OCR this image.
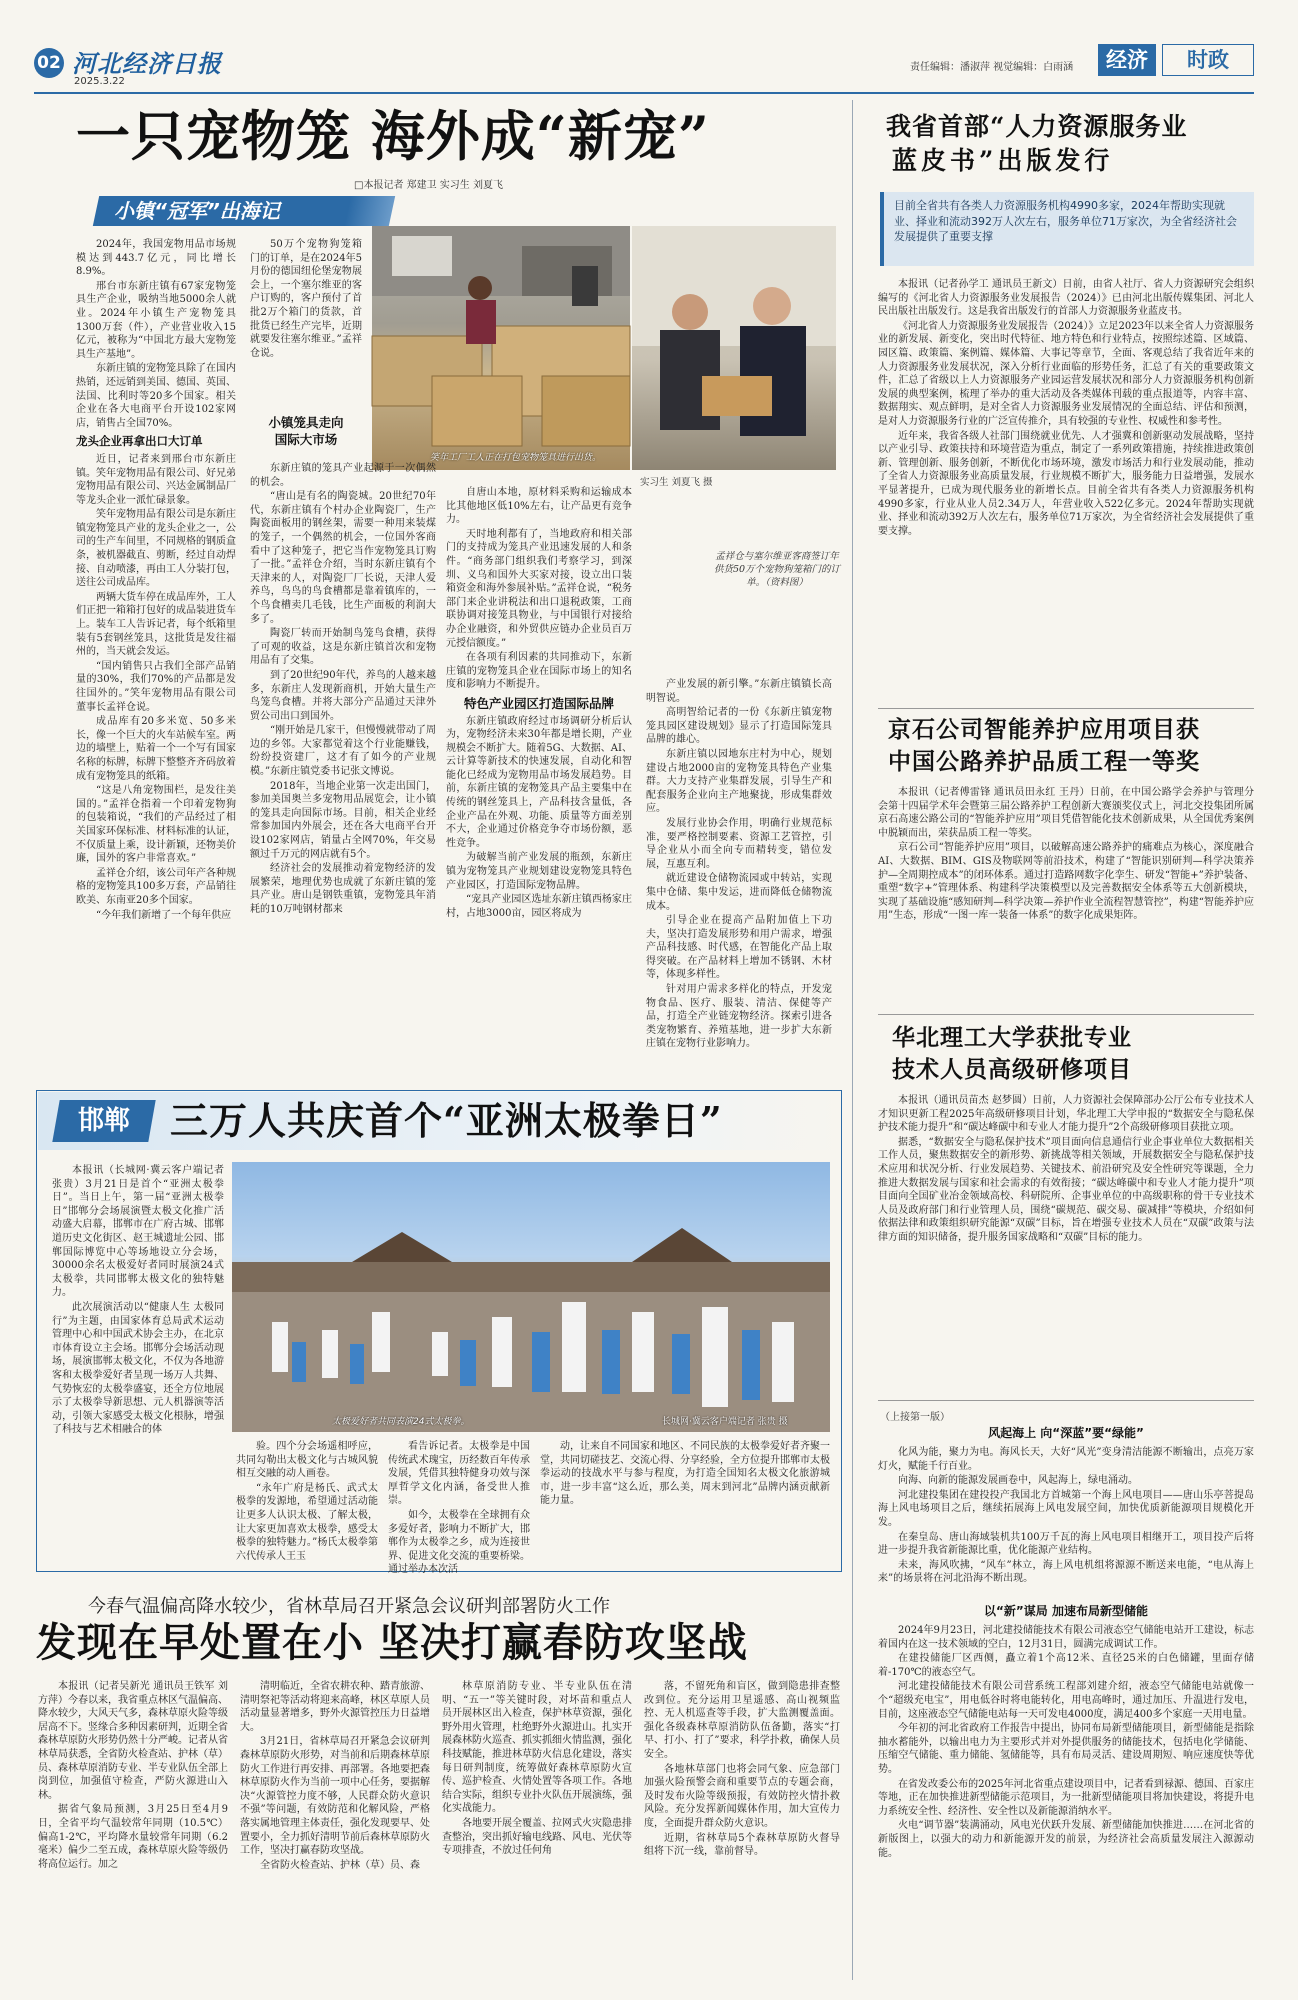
02 河北经济日报
2025.3.22
责任编辑：潘淑萍 视觉编辑：白雨涵	经济	时政
一只宠物笼 海外成“新宠”
□本报记者 郑建卫 实习生 刘夏飞
小镇“冠军”出海记

2024年，我国宠物用品市场规模达到443.7亿元，同比增长8.9%。

邢台市东新庄镇有67家宠物笼具生产企业，吸纳当地5000余人就业。2024年小镇生产宠物笼具1300万套（件），产业营业收入15亿元，被称为“中国北方最大宠物笼具生产基地”。

东新庄镇的宠物笼具除了在国内热销，还远销到美国、德国、英国、法国、比利时等20多个国家。相关企业在各大电商平台开设102家网店，销售占全国70%。

龙头企业再拿出口大订单

近日，记者来到邢台市东新庄镇。笑年宠物用品有限公司、好兄弟宠物用品有限公司、兴达金属制品厂等龙头企业一派忙碌景象。

笑年宠物用品有限公司是东新庄镇宠物笼具产业的龙头企业之一，公司的生产车间里，不同规格的钢质盒条，被机器截直、剪断，经过自动焊接、自动喷漆，再由工人分装打包，送往公司成品库。

两辆大货车停在成品库外，工人们正把一箱箱打包好的成品装进货车上。装车工人告诉记者，每个纸箱里装有5套钢丝笼具，这批货是发往福州的，当天就会发运。

“国内销售只占我们全部产品销量的30%，我们70%的产品都是发往国外的。”笑年宠物用品有限公司董事长孟祥仓说。

成品库有20多米宽、50多米长，像一个巨大的火车站候车室。两边的墙壁上，贴着一个一个写有国家名称的标牌，标牌下整整齐齐码放着成有宠物笼具的纸箱。

“这是八角宠物围栏，是发往美国的。”孟祥仓指着一个印着宠物狗的包装箱说，“我们的产品经过了相关国家环保标准、材料标准的认证，不仅质量上乘，设计新颖，还物美价廉，国外的客户非常喜欢。”

孟祥仓介绍，该公司年产各种规格的宠物笼具100多万套，产品销往欧美、东南亚20多个国家。

“今年我们新增了一个每年供应

50万个宠物狗笼箱门的订单，是在2024年5月份的德国纽伦堡宠物展会上，一个塞尔维亚的客户订购的，客户预付了首批2万个箱门的货款，首批货已经生产完毕，近期就要发往塞尔维亚。”孟祥仓说。

小镇笼具走向国际大市场
笑年工厂工人正在打包宠物笼具进行出货。
实习生 刘夏飞 摄
孟祥仓与塞尔维亚客商签订年供货50万个宠物狗笼箱门的订单。（资料图）

东新庄镇的笼具产业起源于一次偶然的机会。

“唐山是有名的陶瓷城。20世纪70年代，东新庄镇有个村办企业陶瓷厂，生产陶瓷面板用的钢丝架，需要一种用来装煤的笼子，一个偶然的机会，一位国外客商看中了这种笼子，把它当作宠物笼具订购了一批。”孟祥仓介绍，当时东新庄镇有个天津来的人，对陶瓷厂厂长说，天津人爱养鸟，鸟鸟的鸟食槽都是靠着镇库的，一个鸟食槽卖几毛钱，比生产面板的利润大多了。

陶瓷厂转而开始制鸟笼鸟食槽，获得了可观的收益，这是东新庄镇首次和宠物用品有了交集。

到了20世纪90年代，养鸟的人越来越多，东新庄人发现新商机，开始大量生产鸟笼鸟食槽。并将大部分产品通过天津外贸公司出口到国外。

“刚开始是几家干，但慢慢就带动了周边的乡邻。大家都觉着这个行业能赚钱，纷纷投资建厂，这才有了如今的产业规模。”东新庄镇党委书记张文博说。

2018年，当地企业第一次走出国门，参加美国奥兰多宠物用品展览会，让小镇的笼具走向国际市场。目前，相关企业经常参加国内外展会，还在各大电商平台开设102家网店，销量占全网70%，年交易额过千万元的网店就有5个。

经济社会的发展推动着宠物经济的发展繁荣，地理优势也成就了东新庄镇的笼具产业。唐山是钢铁重镇，宠物笼具年消耗的10万吨钢材都来

自唐山本地，原材料采购和运输成本比其他地区低10%左右，让产品更有竞争力。

天时地利都有了，当地政府和相关部门的支持成为笼具产业迅速发展的人和条件。“商务部门组织我们考察学习，到深圳、义乌和国外大买家对接，设立出口装箱资金和海外参展补贴。”孟祥仓说，“税务部门来企业讲税法和出口退税政策，工商联协调对接笼具物业，与中国银行对接给办企业融资，和外贸供应链办企业员百万元授信额度。”

在各项有利因素的共同推动下，东新庄镇的宠物笼具企业在国际市场上的知名度和影响力不断提升。

特色产业园区打造国际品牌

东新庄镇政府经过市场调研分析后认为，宠物经济未来30年都是增长期，产业规模会不断扩大。随着5G、大数据、AI、云计算等新技术的快速发展，自动化和智能化已经成为宠物用品市场发展趋势。目前，东新庄镇的宠物笼具产品主要集中在传统的钢丝笼具上，产品科技含量低，各企业产品在外观、功能、质量等方面差别不大，企业通过价格竞争夺市场份额，恶性竞争。

为破解当前产业发展的瓶颈，东新庄镇为宠物笼具产业规划建设宠物笼具特色产业园区，打造国际宠物品牌。

“宠具产业园区选址东新庄镇西杨家庄村，占地3000亩，园区将成为

产业发展的新引擎。”东新庄镇镇长高明智说。

高明智给记者的一份《东新庄镇宠物笼具园区建设规划》显示了打造国际笼具品牌的雄心。

东新庄镇以园地东庄村为中心，规划建设占地2000亩的宠物笼具特色产业集群。大力支持产业集群发展，引导生产和配套服务企业向主产地聚拢，形成集群效应。

发展行业协会作用，明确行业规范标准，要严格控制要素、资源工艺管控，引导企业从小而全向专而精转变，错位发展，互惠互利。

就近建设仓储物流园或中转站，实现集中仓储、集中发运，进而降低仓储物流成本。

引导企业在提高产品附加值上下功夫，坚决打造发展形势和用户需求，增强产品科技感、时代感，在智能化产品上取得突破。在产品材料上增加不锈钢、木材等，体现多样性。

针对用户需求多样化的特点，开发宠物食品、医疗、服装、清洁、保健等产品，打造全产业链宠物经济。探索引进各类宠物繁育、养殖基地，进一步扩大东新庄镇在宠物行业影响力。

邯郸	三万人共庆首个“亚洲太极拳日”

本报讯（长城网·冀云客户端记者张贵）3月21日是首个“亚洲太极拳日”。当日上午，第一届“亚洲太极拳日”邯郸分会场展演暨太极文化推广活动盛大启幕，邯郸市在广府古城、邯郸道历史文化街区、赵王城遗址公园、邯郸国际博览中心等场地设立分会场，30000余名太极爱好者同时展演24式太极拳，共同邯郸太极文化的独特魅力。

此次展演活动以“健康人生 太极同行”为主题，由国家体育总局武术运动管理中心和中国武术协会主办，在北京市体育设立主会场。邯郸分会场活动现场，展演邯郸太极文化，不仅为各地游客和太极拳爱好者呈现一场万人共舞、气势恢宏的太极拳盛宴，还全方位地展示了太极拳导新思想、元人机器演等活动，引领大家感受太极文化根脉，增强了科技与艺术相融合的体

太极爱好者共同表演24式太极拳。	长城网·冀云客户端记者 张贵 摄

验。四个分会场遥相呼应，共同勾勒出太极文化与古城风貌相互交融的动人画卷。

“永年广府是杨氏、武式太极拳的发源地，希望通过活动能让更多人认识太极、了解太极，让大家更加喜欢太极拳，感受太极拳的独特魅力。”杨氏太极拳第六代传承人王玉

看告诉记者。太极拳是中国传统武术瑰宝，历经数百年传承发展，凭借其独特健身功效与深厚哲学文化内涵，备受世人推崇。

如今，太极拳在全球拥有众多爱好者，影响力不断扩大，邯郸作为太极拳之乡，成为连接世界、促进文化交流的重要桥梁。通过举办本次活

动，让来自不同国家和地区、不同民族的太极拳爱好者齐聚一堂，共同切磋技艺、交流心得、分享经验，全方位提升邯郸市太极拳运动的技战水平与参与程度，为打造全国知名太极文化旅游城市，进一步丰富“这么近，那么美，周末到河北”品牌内涵贡献新能力量。

今春气温偏高降水较少，省林草局召开紧急会议研判部署防火工作
发现在早处置在小 坚决打赢春防攻坚战

本报讯（记者吴新光 通讯员王铁军 刘方萍）今春以来，我省重点林区气温偏高、降水较少，大风天气多，森林草原火险等级居高不下。竖缘合多种因素研判，近期全省森林草原防火形势仍然十分严峻。记者从省林草局获悉，全省防火检查站、护林（草）员、森林草原消防专业、半专业队伍全部上岗到位，加强值守检查，严防火源进山入林。

据省气象局预测，3月25日至4月9日，全省平均气温较常年同期（10.5℃）偏高1-2℃，平均降水量较常年同期（6.2毫米）偏少二至五成，森林草原火险等级仍将高位运行。加之

清明临近，全省农耕农种、踏青旅游、清明祭祀等活动将迎来高峰，林区草原人员活动量显著增多，野外火源管控压力日益增大。

3月21日，省林草局召开紧急会议研判森林草原防火形势，对当前和后期森林草原防火工作进行再安排、再部署。各地要把森林草原防火作为当前一项中心任务，要据解决“火源管控力度不够，人民群众防火意识不强”等问题，有效防范和化解风险，严格落实属地管理主体责任，强化发现要早、处置要小，全力抓好清明节前后森林草原防火工作，坚决打赢春防攻坚战。

全省防火检查站、护林（草）员、森

林草原消防专业、半专业队伍在清明、“五一”等关键时段，对坏苗和重点人员开展林区出入检查，保护林草资源，强化野外用火管理，杜绝野外火源进山。扎实开展森林防火巡查、抓实抓细火情监测，强化科技赋能，推进林草防火信息化建设，落实每日研判制度，统筹做好森林草原防火宣传、巡护检查、火情处置等各项工作。各地结合实际，组织专业扑火队伍开展演练，强化实战能力。

各地要开展全覆盖、拉网式火灾隐患排查整治，突出抓好输电线路、风电、光伏等专项排查，不放过任何角

落，不留死角和盲区，做到隐患排查整改到位。充分运用卫星遥感、高山视频监控、无人机巡查等手段，扩大监测覆盖面。强化各级森林草原消防队伍备勤，落实“打早、打小、打了”要求，科学扑救，确保人员安全。

各地林草部门也将会同气象、应急部门加强火险预警会商和重要节点的专题会商，及时发布火险等级预报，有效防控火情扑救风险。充分发挥新闻媒体作用，加大宣传力度，全面提升群众防火意识。

近期，省林草局5个森林草原防火督导组将下沉一线，靠前督导。

我省首部“人力资源服务业
蓝皮书”出版发行
目前全省共有各类人力资源服务机构4990多家，2024年帮助实现就业、择业和流动392万人次左右，服务单位71万家次，为全省经济社会发展提供了重要支撑

本报讯（记者孙学工 通讯员王新文）日前，由省人社厅、省人力资源研究会组织编写的《河北省人力资源服务业发展报告（2024）》已由河北出版传媒集团、河北人民出版社出版发行。这是我省出版发行的首部人力资源服务业蓝皮书。

《河北省人力资源服务业发展报告（2024）》立足2023年以来全省人力资源服务业的新发展、新变化，突出时代特征、地方特色和行业特点，按照综述篇、区域篇、园区篇、政策篇、案例篇、媒体篇、大事记等章节，全面、客观总结了我省近年来的人力资源服务业发展状况，深入分析行业面临的形势任务，汇总了有关的重要政策文件，汇总了省级以上人力资源服务产业园运营发展状况和部分人力资源服务机构创新发展的典型案例，梳理了举办的重大活动及各类媒体刊载的重点报道等，内容丰富、数据翔实、观点鲜明，是对全省人力资源服务业发展情况的全面总结、评估和预测，是对人力资源服务行业的广泛宣传推介，具有较强的专业性、权威性和参考性。

近年来，我省各级人社部门围绕就业优先、人才强冀和创新驱动发展战略，坚持以产业引导、政策扶持和环境营造为重点，制定了一系列政策措施，持续推进政策创新、管理创新、服务创新，不断优化市场环境，激发市场活力和行业发展动能，推动了全省人力资源服务业高质量发展，行业规模不断扩大，服务能力日益增强，发展水平显著提升，已成为现代服务业的新增长点。目前全省共有各类人力资源服务机构4990多家，行业从业人员2.34万人，年营业收入522亿多元。2024年帮助实现就业、择业和流动392万人次左右，服务单位71万家次，为全省经济社会发展提供了重要支撑。

京石公司智能养护应用项目获
中国公路养护品质工程一等奖

本报讯（记者傅雷锋 通讯员田永红 王丹）日前，在中国公路学会养护与管理分会第十四届学术年会暨第三届公路养护工程创新大赛颁奖仪式上，河北交投集团所属京石高速公路公司的“智能养护应用”项目凭借智能化技术创新成果，从全国优秀案例中脱颖而出，荣获品质工程一等奖。

京石公司“智能养护应用”项目，以破解高速公路养护的痛难点为核心，深度融合AI、大数据、BIM、GIS及物联网等前沿技术，构建了“智能识别研判—科学决策养护—全周期控成本”的闭环体系。通过打造路网数字化孪生、研发“智能+”养护装备、重塑“数字+”管理体系、构建科学决策模型以及完善数据安全体系等五大创新模块，实现了基础设施“感知研判—科学决策—养护作业全流程智慧管控”，构建“智能养护应用”生态，形成“一图一库一装备一体系”的数字化成果矩阵。

华北理工大学获批专业
技术人员高级研修项目

本报讯（通讯员苗杰 赵梦圆）日前，人力资源社会保障部办公厅公布专业技术人才知识更新工程2025年高级研修项目计划，华北理工大学申报的“数据安全与隐私保护技术能力提升”和“碳达峰碳中和专业人才能力提升”2个高级研修项目获批立项。

据悉，“数据安全与隐私保护技术”项目面向信息通信行业企事业单位大数据相关工作人员，聚焦数据安全的新形势、新挑战等相关领域，开展数据安全与隐私保护技术应用和状况分析、行业发展趋势、关键技术、前沿研究及安全性研究等课题，全力推进大数据发展与国家和社会需求的有效衔接；“碳达峰碳中和专业人才能力提升”项目面向全国矿业冶金领域高校、科研院所、企事业单位的中高级职称的骨干专业技术人员及政府部门和行业管理人员，围绕“碳规范、碳交易、碳减排”等模块，介绍如何依据法律和政策组织研究能源“双碳”目标，旨在增强专业技术人员在“双碳”政策与法律方面的知识储备，提升服务国家战略和“双碳”目标的能力。

（上接第一版）
风起海上 向“深蓝”要“绿能”

化风为能，聚力为电。海风长天，大好“风光”变身清洁能源不断输出，点亮万家灯火，赋能千行百业。

向海、向新的能源发展画卷中，风起海上，绿电涌动。

河北建投集团在建投投产我国北方首城第一个海上风电项目——唐山乐亭菩提岛海上风电场项目之后，继续拓展海上风电发展空间，加快优质新能源项目规模化开发。

在秦皇岛、唐山海域装机共100万千瓦的海上风电项目相继开工，项目投产后将进一步提升我省新能源比重，优化能源产业结构。

未来，海风吹拂，“风车”林立，海上风电机组将源源不断送来电能，“电从海上来”的场景将在河北沿海不断出现。

以“新”谋局 加速布局新型储能

2024年9月23日，河北建投储能技术有限公司液态空气储能电站开工建设，标志着国内在这一技术领域的空白，12月31日，圆满完成调试工作。

在建投储能厂区西侧，矗立着1个高12米、直径25米的白色储罐，里面存储着-170℃的液态空气。

河北建投储能技术有限公司营系统工程部刘建介绍，液态空气储能电站就像一个“超级充电宝”，用电低谷时将电能转化，用电高峰时，通过加压、升温进行发电，目前，这座液态空气储能电站每一天可发电4000度，满足400多个家庭一天用电量。

今年初的河北省政府工作报告中提出，协同布局新型储能项目，新型储能是指除抽水蓄能外，以输出电力为主要形式并对外提供服务的储能技术，包括电化学储能、压缩空气储能、重力储能、氢储能等，具有布局灵活、建设周期短、响应速度快等优势。

在省发改委公布的2025年河北省重点建设项目中，记者看到禄源、德国、百家庄等地，正在加快推进新型储能示范项目，为一批新型储能项目将加快建设，将提升电力系统安全性、经济性、安全性以及新能源消纳水平。

火电“调节器”装满涌动，风电光伏跃升发展、新型储能加快推进……在河北省的新版图上，以强大的动力和新能源开发的前景，为经济社会高质量发展注入源源动能。
